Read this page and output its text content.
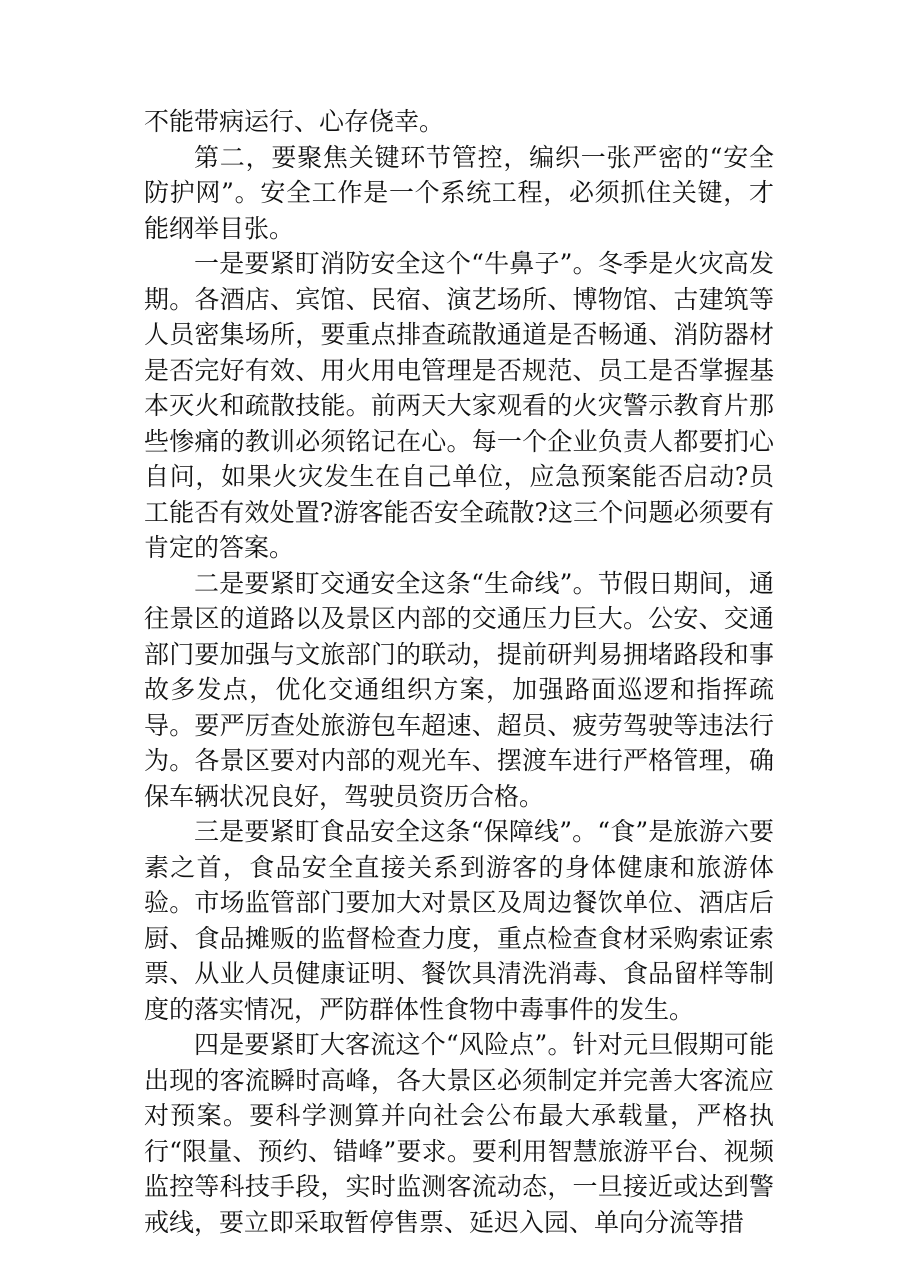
不能带病运行、心存侥幸。

第二，要聚焦关键环节管控，编织一张严密的“安全防护网”。安全工作是一个系统工程，必须抓住关键，才能纲举目张。

一是要紧盯消防安全这个“牛鼻子”。冬季是火灾高发期。各酒店、宾馆、民宿、演艺场所、博物馆、古建筑等人员密集场所，要重点排查疏散通道是否畅通、消防器材是否完好有效、用火用电管理是否规范、员工是否掌握基本灭火和疏散技能。前两天大家观看的火灾警示教育片那些惨痛的教训必须铭记在心。每一个企业负责人都要扪心自问，如果火灾发生在自己单位，应急预案能否启动?员工能否有效处置?游客能否安全疏散?这三个问题必须要有肯定的答案。

二是要紧盯交通安全这条“生命线”。节假日期间，通往景区的道路以及景区内部的交通压力巨大。公安、交通部门要加强与文旅部门的联动，提前研判易拥堵路段和事故多发点，优化交通组织方案，加强路面巡逻和指挥疏导。要严厉查处旅游包车超速、超员、疲劳驾驶等违法行为。各景区要对内部的观光车、摆渡车进行严格管理，确保车辆状况良好，驾驶员资历合格。

三是要紧盯食品安全这条“保障线”。“食”是旅游六要素之首，食品安全直接关系到游客的身体健康和旅游体验。市场监管部门要加大对景区及周边餐饮单位、酒店后厨、食品摊贩的监督检查力度，重点检查食材采购索证索票、从业人员健康证明、餐饮具清洗消毒、食品留样等制度的落实情况，严防群体性食物中毒事件的发生。

四是要紧盯大客流这个“风险点”。针对元旦假期可能出现的客流瞬时高峰，各大景区必须制定并完善大客流应对预案。要科学测算并向社会公布最大承载量，严格执行“限量、预约、错峰”要求。要利用智慧旅游平台、视频监控等科技手段，实时监测客流动态，一旦接近或达到警戒线，要立即采取暂停售票、延迟入园、单向分流等措
